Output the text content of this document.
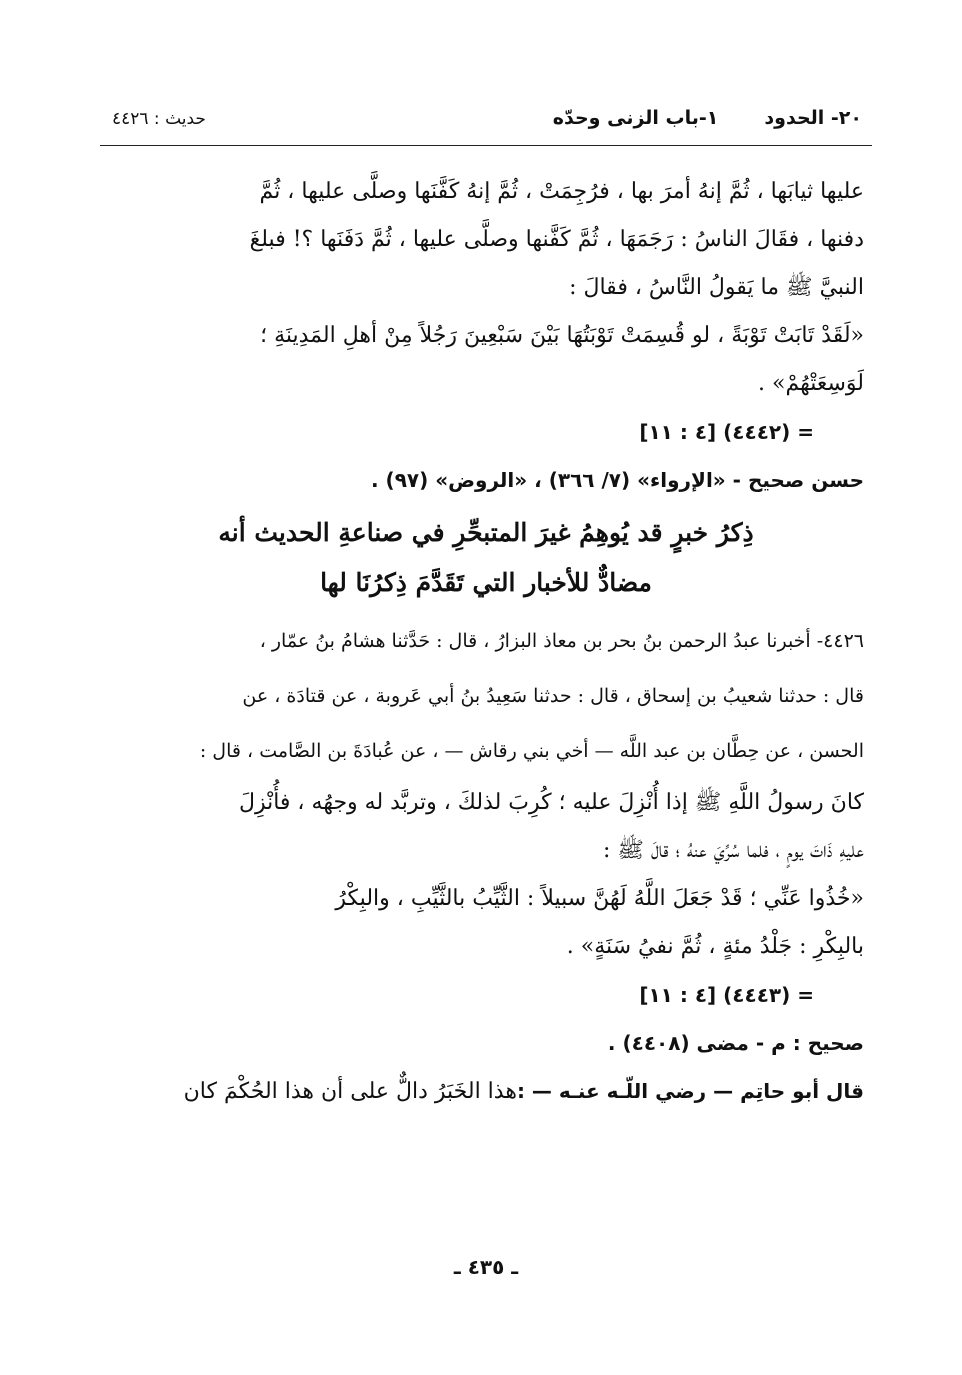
٢٠- الحدود١-باب الزنى وحدّه
حديث : ٤٤٢٦

عليها ثيابَها ، ثُمَّ إنهُ أمرَ بها ، فرُجِمَتْ ، ثُمَّ إنهُ كَفَّنَها وصلَّى عليها ، ثُمَّ

دفنها ، فقَالَ الناسُ : رَجَمَهَا ، ثُمَّ كَفَّنها وصلَّى عليها ، ثُمَّ دَفَنَها ؟! فبلغَ

النبيَّ ﷺ ما يَقولُ النَّاسُ ، فقالَ :

«لَقَدْ تَابَتْ تَوْبَةً ، لو قُسِمَتْ تَوْبَتُهَا بَيْنَ سَبْعِينَ رَجُلاً مِنْ أهلِ المَدِينَةِ ؛

لَوَسِعَتْهُمْ» .

= (٤٤٤٢) [٤ : ١١]

حسن صحيح - «الإرواء» (٧/ ٣٦٦) ، «الروض» (٩٧) .

ذِكرُ خبرٍ قد يُوهِمُ غيرَ المتبحِّرِ في صناعةِ الحديث أنه
مضادٌّ للأخبار التي تَقَدَّمَ ذِكرُنَا لها

٤٤٢٦- أخبرنا عبدُ الرحمن بنُ بحر بن معاذ البزارُ ، قال : حَدَّثنا هشامُ بنُ عمّار ،

قال : حدثنا شعيبُ بن إسحاق ، قال : حدثنا سَعِيدُ بنُ أبي عَروبة ، عن قتادَة ، عن

الحسن ، عن حِطَّان بن عبد اللَّه — أخي بني رقاش — ، عن عُبادَةَ بن الصَّامت ، قال :

كانَ رسولُ اللَّهِ ﷺ إذا أُنْزِلَ عليه ؛ كُرِبَ لذلكَ ، وتربَّد له وجهُه ، فأُنْزِلَ

عليهِ ذَاتَ يومٍ ، فلما سُرِّيَ عنهُ ؛ قالَ ﷺ :

«خُذُوا عَنِّي ؛ قَدْ جَعَلَ اللَّهُ لَهُنَّ سبيلاً : الثَّيِّبُ بالثَّيِّبِ ، والبِكْرُ

بالبِكْرِ : جَلْدُ مئةٍ ، ثُمَّ نفيُ سَنَةٍ» .

= (٤٤٤٣) [٤ : ١١]

صحيح : م - مضى (٤٤٠٨) .

قال أبو حاتِم — رضي اللّـه عنـه — :هذا الخَبَرُ دالٌّ على أن هذا الحُكْمَ كان

ـ ٤٣٥ ـ
